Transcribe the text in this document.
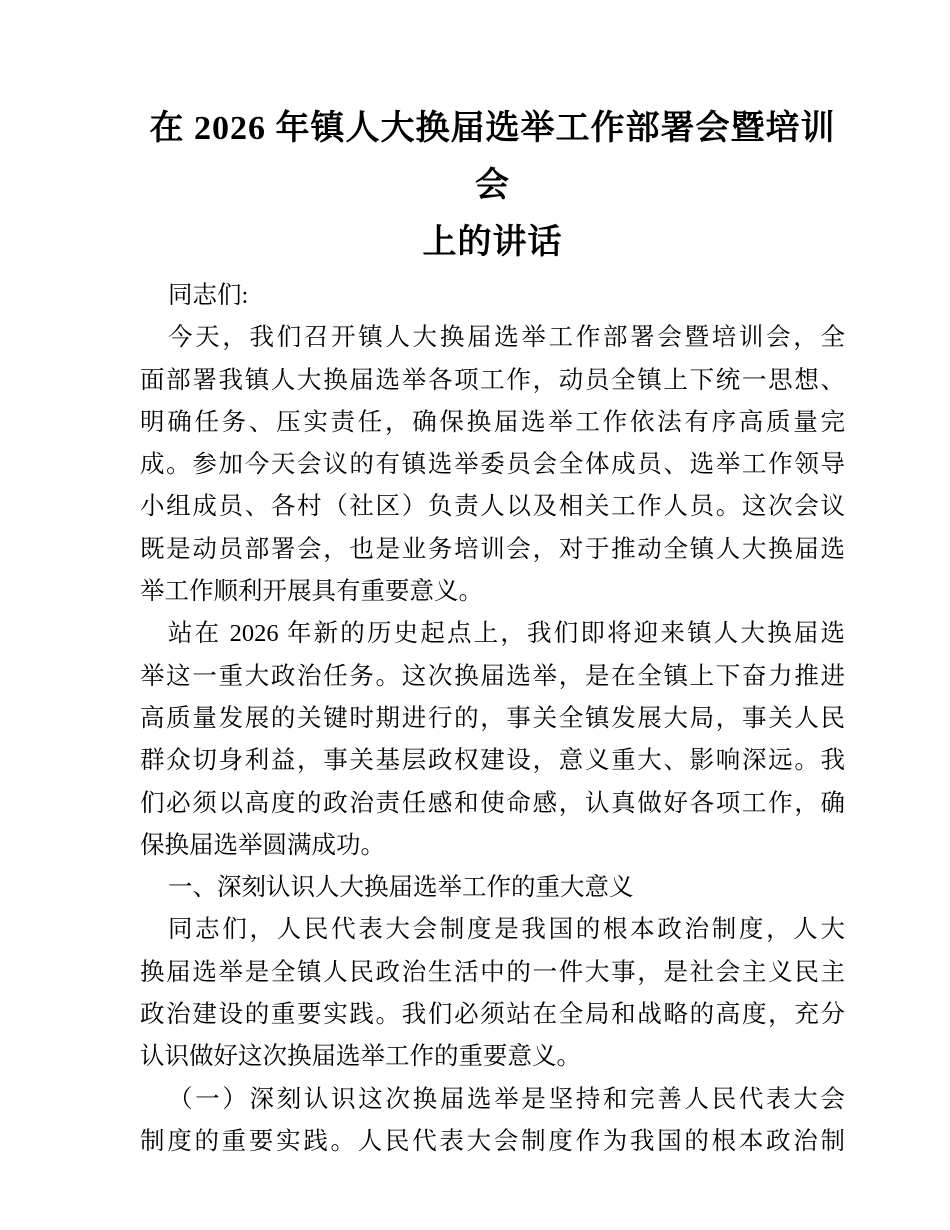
在 2026 年镇人大换届选举工作部署会暨培训会
上的讲话
同志们:
今天，我们召开镇人大换届选举工作部署会暨培训会，全
面部署我镇人大换届选举各项工作，动员全镇上下统一思想、
明确任务、压实责任，确保换届选举工作依法有序高质量完
成。参加今天会议的有镇选举委员会全体成员、选举工作领导
小组成员、各村（社区）负责人以及相关工作人员。这次会议
既是动员部署会，也是业务培训会，对于推动全镇人大换届选
举工作顺利开展具有重要意义。
站在 2026 年新的历史起点上，我们即将迎来镇人大换届选
举这一重大政治任务。这次换届选举，是在全镇上下奋力推进
高质量发展的关键时期进行的，事关全镇发展大局，事关人民
群众切身利益，事关基层政权建设，意义重大、影响深远。我
们必须以高度的政治责任感和使命感，认真做好各项工作，确
保换届选举圆满成功。
一、深刻认识人大换届选举工作的重大意义
同志们，人民代表大会制度是我国的根本政治制度，人大
换届选举是全镇人民政治生活中的一件大事，是社会主义民主
政治建设的重要实践。我们必须站在全局和战略的高度，充分
认识做好这次换届选举工作的重要意义。
（一）深刻认识这次换届选举是坚持和完善人民代表大会
制度的重要实践。人民代表大会制度作为我国的根本政治制
